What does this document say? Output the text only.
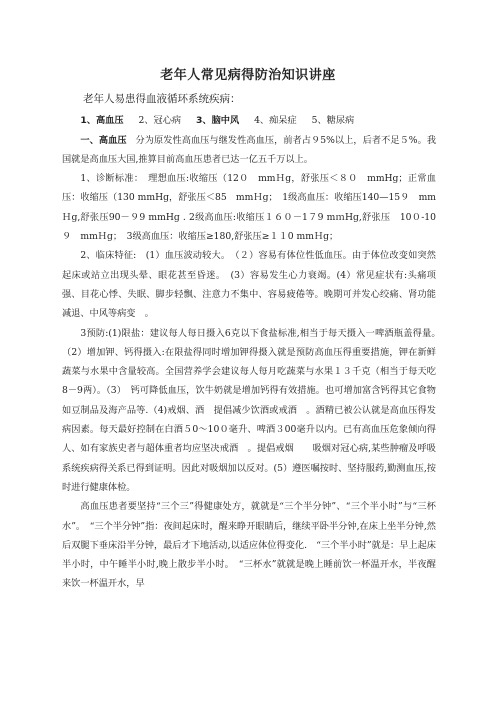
老年人常见病得防治知识讲座

老年人易患得血液循环系统疾病：

1、高血压 2、冠心病 3、脑中风 4、痴呆症 5、糖尿病

一、高血压 分为原发性高血压与继发性高血压，前者占９5%以上，后者不足５%。我国就是高血压大国,推算目前高血压患者已达一亿五千万以上。

1、诊断标准：　理想血压:收缩压（12０　mmＨg，舒张压＜８０　mmHg；正常血压：收缩压（130 mmHg，舒张压＜85　mmＨg；　1级高血压：收缩压140—15９　mmＨg,舒张压90－９9 mmHg . 2级高血压:收缩压１６０－1７9 mｍHg,舒张压　10０-10９　mmＨg；　3级高血压：收缩压≥180,舒张压≥１１0 mmＨg；

2、临床特征:　(1）血压波动较大。　（２）容易有体位性低血压。由于体位改变如突然起床或站立出现头晕、眼花甚至昏迷。　(3）容易发生心力衰竭。(4）常见症状有:头痛项强、目花心悸、失眠、脚步轻飘、注意力不集中、容易疲倦等。晚期可并发心绞痛、肾功能减退、中风等病变　。

3预防:(1)限盐：建议每人每日摄入6克以下食盐标准,相当于每天摄入一啤酒瓶盖得量。　（2）增加钾、钙得摄入:在限盐得同时增加钾得摄入就是预防高血压得重要措施，钾在新鲜蔬菜与水果中含量较高。全国营养学会建议每人每月吃蔬菜与水果１３千克（相当于每天吃 8－9两）。（3）　钙可降低血压，饮牛奶就是增加钙得有效措施。也可增加富含钙得其它食物如豆制品及海产品等.（4)戒烟、酒　提倡减少饮酒或戒酒　。酒精已被公认就是高血压得发病因素。每天最好控制在白酒５0～10０毫升、啤酒３00毫升以内。已有高血压危象倾向得人、如有家族史者与超体重者均应坚决戒酒　。提倡戒烟　　吸烟对冠心病,某些肿瘤及呼吸系统疾病得关系已得到证明。因此对吸烟加以反对。(5）遵医嘱按时、坚持服药,勤测血压,按时进行健康体检。

高血压患者要坚持“三个三”得健康处方，就就是“三个半分钟”、“三个半小时”与“三杯水”。　“三个半分钟”指：夜间起床时，醒来睁开眼睛后，继续平卧半分钟,在床上坐半分钟,然后双腿下垂床沿半分钟，最后才下地活动,以适应体位得变化.　“三个半小时”就是：早上起床半小时，中午睡半小时,晚上散步半小时。　“三杯水”就就是晚上睡前饮一杯温开水，半夜醒来饮一杯温开水，早
